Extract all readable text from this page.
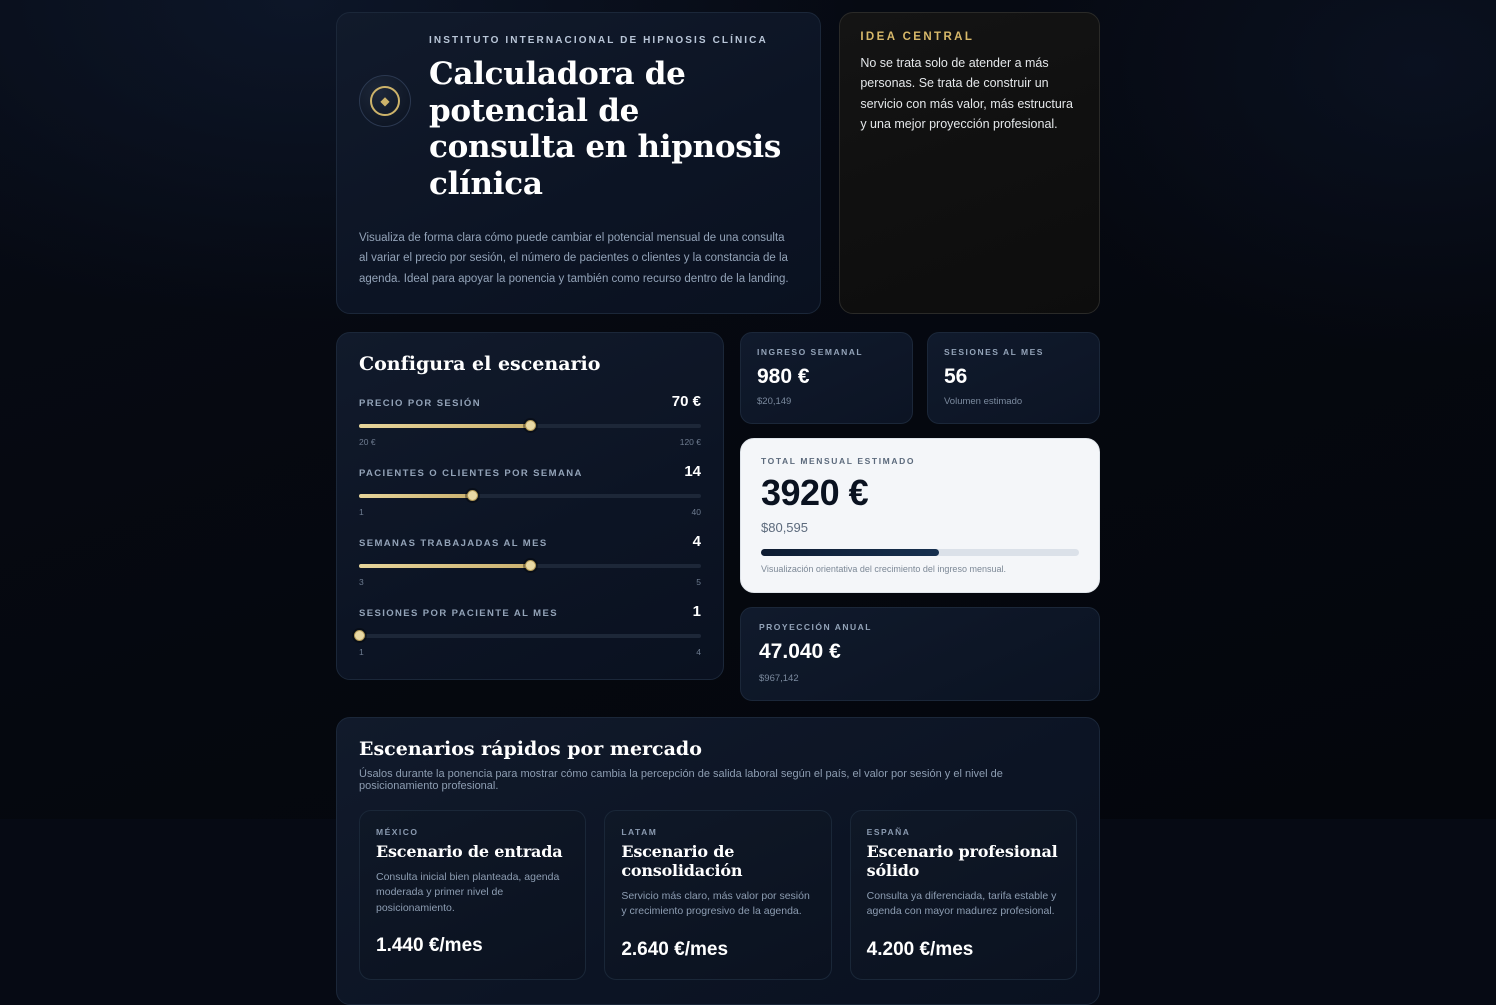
◆
INSTITUTO INTERNACIONAL DE HIPNOSIS CLÍNICA
Calculadora de potencial de consulta en hipnosis clínica
Visualiza de forma clara cómo puede cambiar el potencial mensual de una consulta al variar el precio por sesión, el número de pacientes o clientes y la constancia de la agenda. Ideal para apoyar la ponencia y también como recurso dentro de la landing.
IDEA CENTRAL
No se trata solo de atender a más personas. Se trata de construir un servicio con más valor, más estructura y una mejor proyección profesional.
Configura el escenario
PRECIO POR SESIÓN	70 €
20 €	120 €
PACIENTES O CLIENTES POR SEMANA	14
1	40
SEMANAS TRABAJADAS AL MES	4
3	5
SESIONES POR PACIENTE AL MES	1
1	4
INGRESO SEMANAL
980 €
$20,149
SESIONES AL MES
56
Volumen estimado
TOTAL MENSUAL ESTIMADO
3920 €
$80,595
Visualización orientativa del crecimiento del ingreso mensual.
PROYECCIÓN ANUAL
47.040 €
$967,142
Escenarios rápidos por mercado
Úsalos durante la ponencia para mostrar cómo cambia la percepción de salida laboral según el país, el valor por sesión y el nivel de posicionamiento profesional.
MÉXICO
Escenario de entrada
Consulta inicial bien planteada, agenda moderada y primer nivel de posicionamiento.
1.440 €/mes
LATAM
Escenario de consolidación
Servicio más claro, más valor por sesión y crecimiento progresivo de la agenda.
2.640 €/mes
ESPAÑA
Escenario profesional sólido
Consulta ya diferenciada, tarifa estable y agenda con mayor madurez profesional.
4.200 €/mes
